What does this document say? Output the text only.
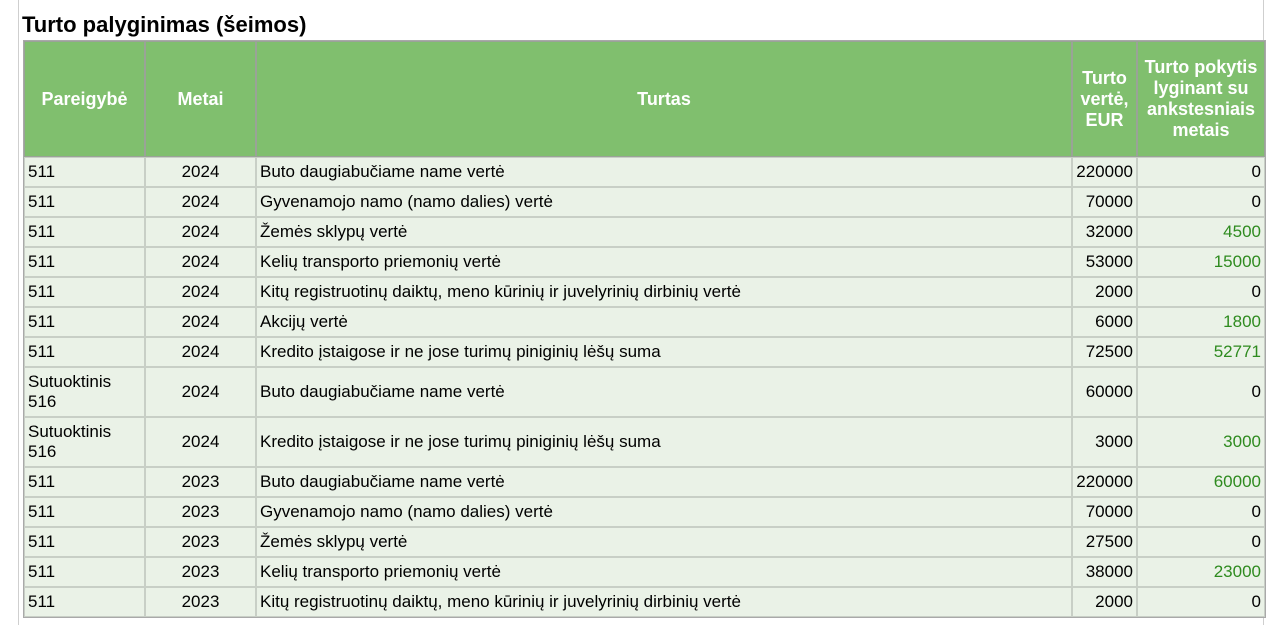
Turto palyginimas (šeimos)
Pareigybė	Metai	Turtas	Turto vertė, EUR	Turto pokytis lyginant su ankstesniais metais
511	2024	Buto daugiabučiame name vertė	220000	0
511	2024	Gyvenamojo namo (namo dalies) vertė	70000	0
511	2024	Žemės sklypų vertė	32000	4500
511	2024	Kelių transporto priemonių vertė	53000	15000
511	2024	Kitų registruotinų daiktų, meno kūrinių ir juvelyrinių dirbinių vertė	2000	0
511	2024	Akcijų vertė	6000	1800
511	2024	Kredito įstaigose ir ne jose turimų piniginių lėšų suma	72500	52771
Sutuoktinis 516	2024	Buto daugiabučiame name vertė	60000	0
Sutuoktinis 516	2024	Kredito įstaigose ir ne jose turimų piniginių lėšų suma	3000	3000
511	2023	Buto daugiabučiame name vertė	220000	60000
511	2023	Gyvenamojo namo (namo dalies) vertė	70000	0
511	2023	Žemės sklypų vertė	27500	0
511	2023	Kelių transporto priemonių vertė	38000	23000
511	2023	Kitų registruotinų daiktų, meno kūrinių ir juvelyrinių dirbinių vertė	2000	0
